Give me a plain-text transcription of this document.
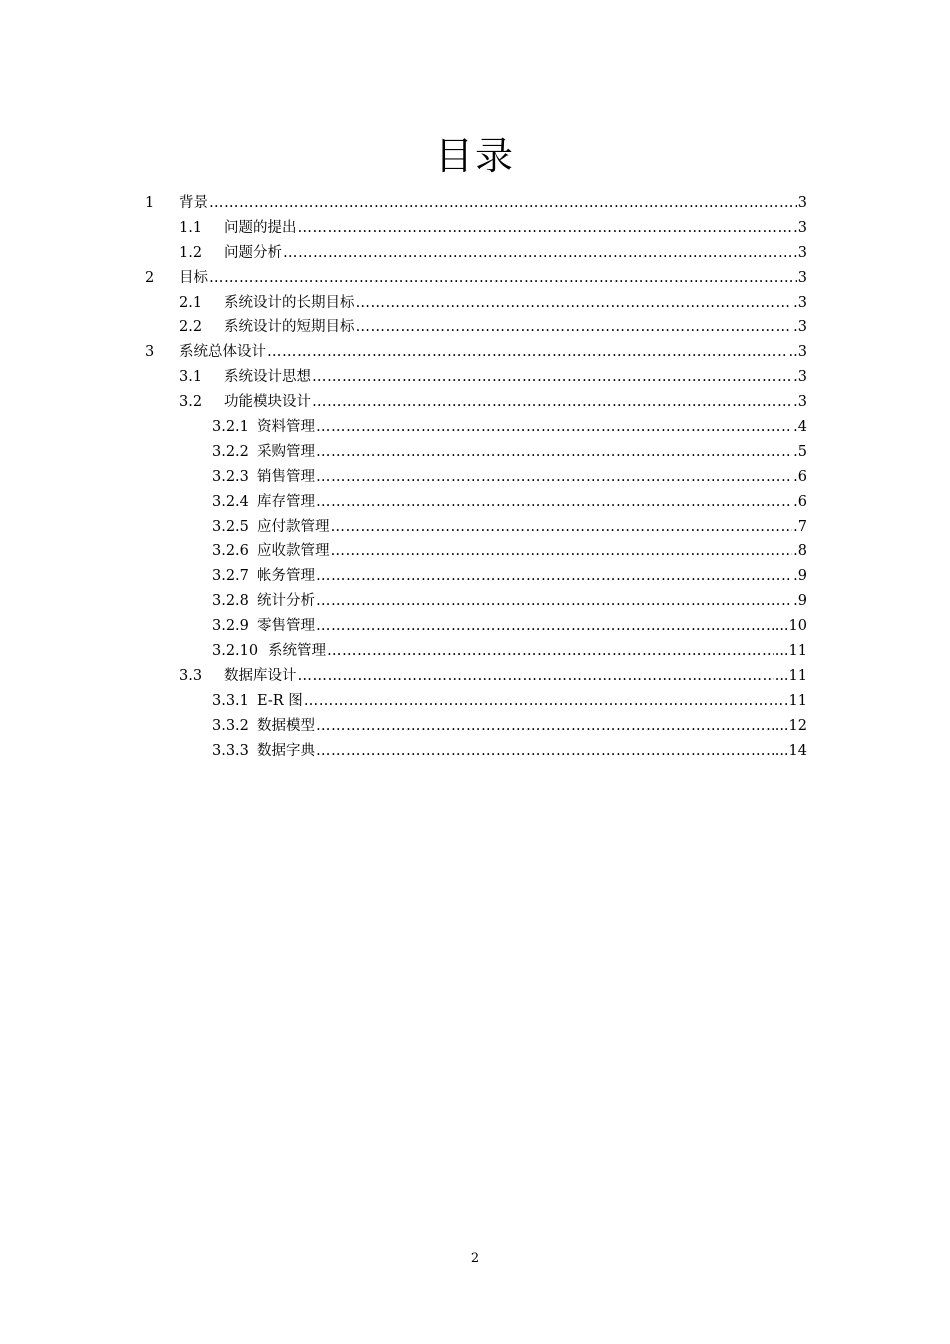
目录
1 背景 ……………………………………………………………………………………………………………………………………………………………………………………………………………………………………	3
1.1 问题的提出 ……………………………………………………………………………………………………………………………………………………………………………………………………………………………………	.3
1.2 问题分析 ……………………………………………………………………………………………………………………………………………………………………………………………………………………………………	.3
2 目标 ……………………………………………………………………………………………………………………………………………………………………………………………………………………………………	3
2.1 系统设计的长期目标 ……………………………………………………………………………………………………………………………………………………………………………………………………………………………………	.3
2.2 系统设计的短期目标 ……………………………………………………………………………………………………………………………………………………………………………………………………………………………………	.3
3 系统总体设计 ……………………………………………………………………………………………………………………………………………………………………………………………………………………………………	..3
3.1 系统设计思想 ……………………………………………………………………………………………………………………………………………………………………………………………………………………………………	.3
3.2 功能模块设计 ……………………………………………………………………………………………………………………………………………………………………………………………………………………………………	.3
3.2.1 资料管理 ……………………………………………………………………………………………………………………………………………………………………………………………………………………………………	.4
3.2.2 采购管理 ……………………………………………………………………………………………………………………………………………………………………………………………………………………………………	.5
3.2.3 销售管理 ……………………………………………………………………………………………………………………………………………………………………………………………………………………………………	.6
3.2.4 库存管理 ……………………………………………………………………………………………………………………………………………………………………………………………………………………………………	.6
3.2.5 应付款管理 ……………………………………………………………………………………………………………………………………………………………………………………………………………………………………	.7
3.2.6 应收款管理 ……………………………………………………………………………………………………………………………………………………………………………………………………………………………………	.8
3.2.7 帐务管理 ……………………………………………………………………………………………………………………………………………………………………………………………………………………………………	.9
3.2.8 统计分析 ……………………………………………………………………………………………………………………………………………………………………………………………………………………………………	.9
3.2.9 零售管理 ……………………………………………………………………………………………………………………………………………………………………………………………………………………………………	...10
3.2.10 系统管理 ……………………………………………………………………………………………………………………………………………………………………………………………………………………………………	...11
3.3 数据库设计 ……………………………………………………………………………………………………………………………………………………………………………………………………………………………………	...11
3.3.1 E-R 图 ……………………………………………………………………………………………………………………………………………………………………………………………………………………………………	11
3.3.2 数据模型 ……………………………………………………………………………………………………………………………………………………………………………………………………………………………………	...12
3.3.3 数据字典 ……………………………………………………………………………………………………………………………………………………………………………………………………………………………………	...14
2
